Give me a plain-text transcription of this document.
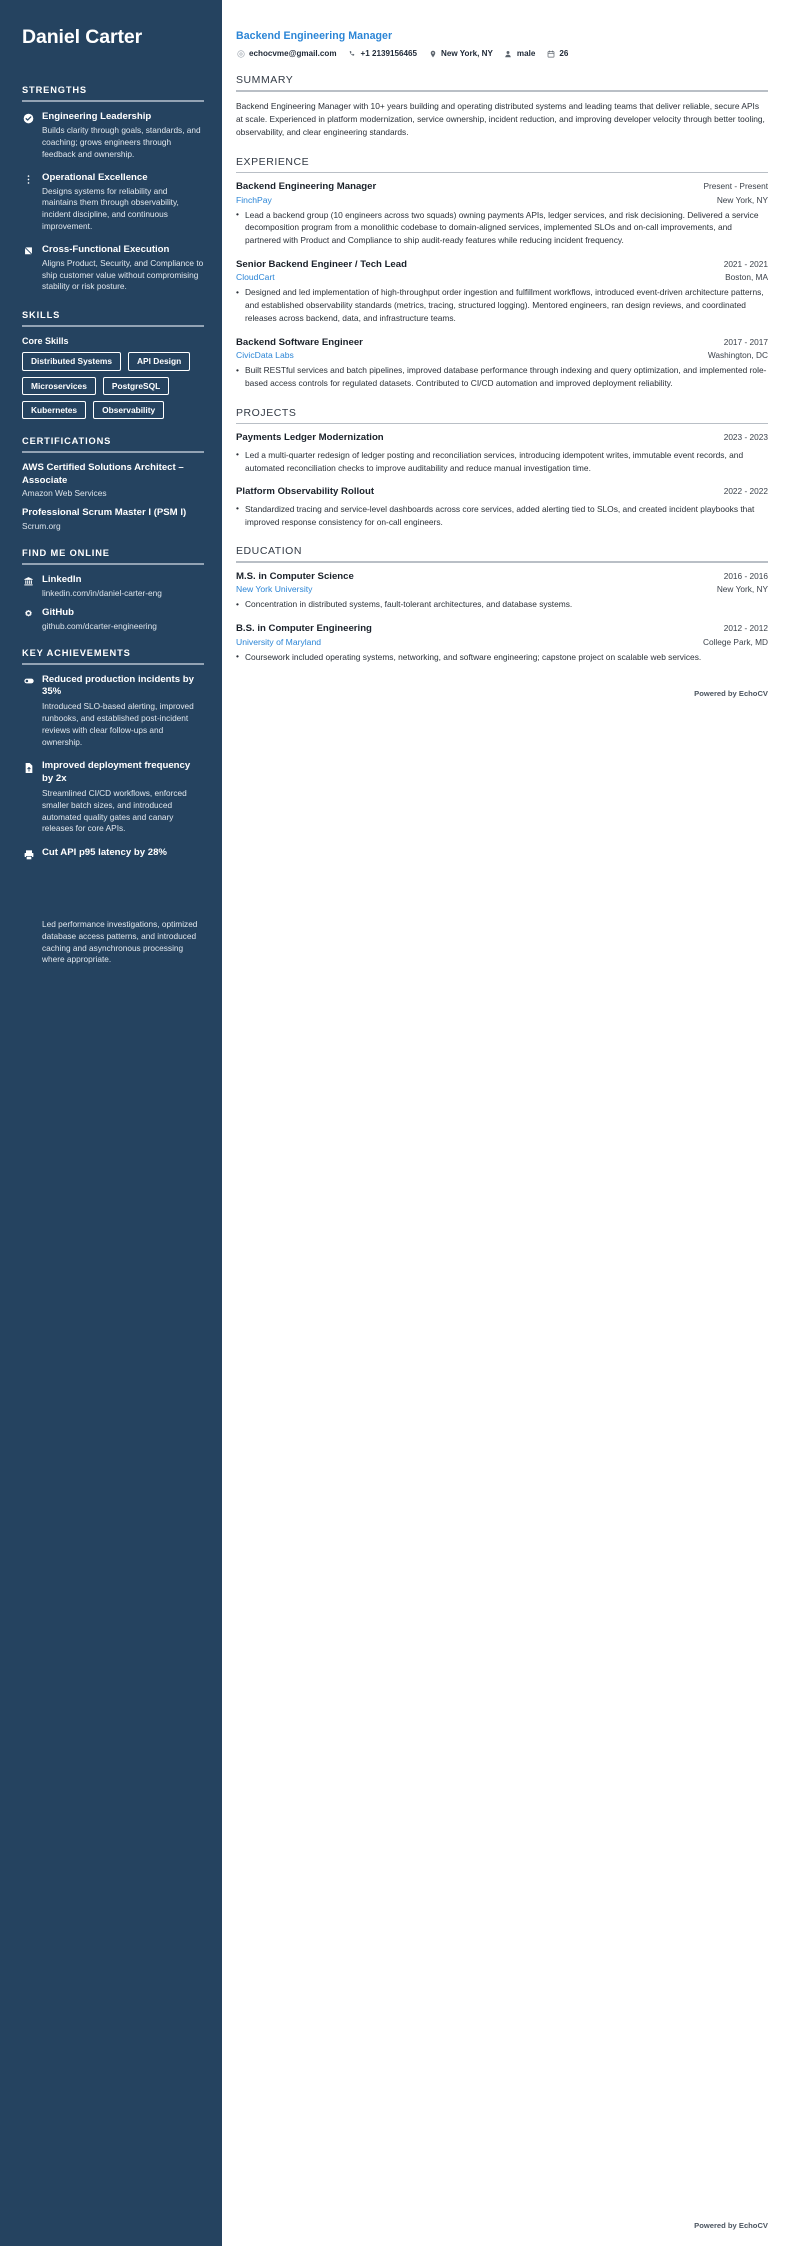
Daniel Carter
STRENGTHS
Engineering Leadership
Builds clarity through goals, standards, and coaching; grows engineers through feedback and ownership.
Operational Excellence
Designs systems for reliability and maintains them through observability, incident discipline, and continuous improvement.
Cross-Functional Execution
Aligns Product, Security, and Compliance to ship customer value without compromising stability or risk posture.
SKILLS
Core Skills
Distributed Systems	API Design
Microservices	PostgreSQL
Kubernetes	Observability
CERTIFICATIONS
AWS Certified Solutions Architect – Associate
Amazon Web Services
Professional Scrum Master I (PSM I)
Scrum.org
FIND ME ONLINE
LinkedIn
linkedin.com/in/daniel-carter-eng
GitHub
github.com/dcarter-engineering
KEY ACHIEVEMENTS
Reduced production incidents by 35%
Introduced SLO-based alerting, improved runbooks, and established post-incident reviews with clear follow-ups and ownership.
Improved deployment frequency by 2x
Streamlined CI/CD workflows, enforced smaller batch sizes, and introduced automated quality gates and canary releases for core APIs.
Cut API p95 latency by 28%
Led performance investigations, optimized database access patterns, and introduced caching and asynchronous processing where appropriate.
Backend Engineering Manager
echocvme@gmail.com	+1 2139156465	New York, NY	male	26
SUMMARY

Backend Engineering Manager with 10+ years building and operating distributed systems and leading teams that deliver reliable, secure APIs at scale. Experienced in platform modernization, service ownership, incident reduction, and improving developer velocity through better tooling, observability, and clear engineering standards.

EXPERIENCE
Backend Engineering Manager	Present - Present
FinchPay	New York, NY
• Lead a backend group (10 engineers across two squads) owning payments APIs, ledger services, and risk decisioning. Delivered a service decomposition program from a monolithic codebase to domain-aligned services, implemented SLOs and on-call improvements, and partnered with Product and Compliance to ship audit-ready features while reducing incident frequency.
Senior Backend Engineer / Tech Lead	2021 - 2021
CloudCart	Boston, MA
• Designed and led implementation of high-throughput order ingestion and fulfillment workflows, introduced event-driven architecture patterns, and established observability standards (metrics, tracing, structured logging). Mentored engineers, ran design reviews, and coordinated releases across backend, data, and infrastructure teams.
Backend Software Engineer	2017 - 2017
CivicData Labs	Washington, DC
• Built RESTful services and batch pipelines, improved database performance through indexing and query optimization, and implemented role-based access controls for regulated datasets. Contributed to CI/CD automation and improved deployment reliability.
PROJECTS
Payments Ledger Modernization	2023 - 2023
• Led a multi-quarter redesign of ledger posting and reconciliation services, introducing idempotent writes, immutable event records, and automated reconciliation checks to improve auditability and reduce manual investigation time.
Platform Observability Rollout	2022 - 2022
• Standardized tracing and service-level dashboards across core services, added alerting tied to SLOs, and created incident playbooks that improved response consistency for on-call engineers.
EDUCATION
M.S. in Computer Science	2016 - 2016
New York University	New York, NY
• Concentration in distributed systems, fault-tolerant architectures, and database systems.
B.S. in Computer Engineering	2012 - 2012
University of Maryland	College Park, MD
• Coursework included operating systems, networking, and software engineering; capstone project on scalable web services.
Powered by EchoCV
Powered by EchoCV
